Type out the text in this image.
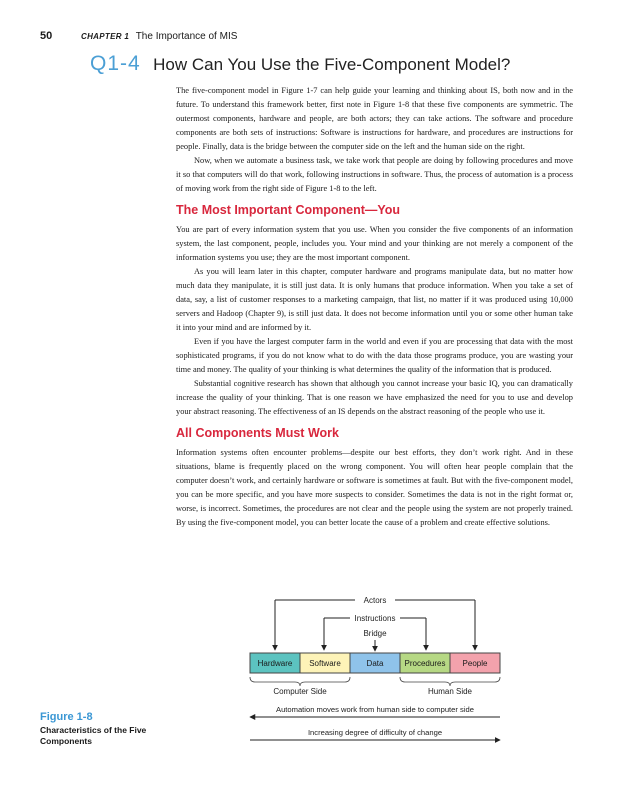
50	CHAPTER 1 The Importance of MIS
Q1-4 How Can You Use the Five-Component Model?

The five-component model in Figure 1-7 can help guide your learning and thinking about IS, both now and in the future. To understand this framework better, first note in Figure 1-8 that these five components are symmetric. The outermost components, hardware and people, are both actors; they can take actions. The software and procedure components are both sets of instructions: Software is instructions for hardware, and procedures are instructions for people. Finally, data is the bridge between the computer side on the left and the human side on the right.

Now, when we automate a business task, we take work that people are doing by following procedures and move it so that computers will do that work, following instructions in software. Thus, the process of automation is a process of moving work from the right side of Figure 1-8 to the left.

The Most Important Component—You

You are part of every information system that you use. When you consider the five components of an information system, the last component, people, includes you. Your mind and your thinking are not merely a component of the information systems you use; they are the most important component.

As you will learn later in this chapter, computer hardware and programs manipulate data, but no matter how much data they manipulate, it is still just data. It is only humans that produce information. When you take a set of data, say, a list of customer responses to a marketing campaign, that list, no matter if it was produced using 10,000 servers and Hadoop (Chapter 9), is still just data. It does not become information until you or some other human take it into your mind and are informed by it.

Even if you have the largest computer farm in the world and even if you are processing that data with the most sophisticated programs, if you do not know what to do with the data those programs produce, you are wasting your time and money. The quality of your thinking is what determines the quality of the information that is produced.

Substantial cognitive research has shown that although you cannot increase your basic IQ, you can dramatically increase the quality of your thinking. That is one reason we have emphasized the need for you to use and develop your abstract reasoning. The effectiveness of an IS depends on the abstract reasoning of the people who use it.

All Components Must Work

Information systems often encounter problems—despite our best efforts, they don’t work right. And in these situations, blame is frequently placed on the wrong component. You will often hear people complain that the computer doesn’t work, and certainly hardware or software is sometimes at fault. But with the five-component model, you can be more specific, and you have more suspects to consider. Sometimes the data is not in the right format or, worse, is incorrect. Sometimes, the procedures are not clear and the people using the system are not properly trained. By using the five-component model, you can better locate the cause of a problem and create effective solutions.

Actors
Instructions
Bridge
Hardware Software	Data	Procedures People
Computer Side	Human Side
Automation moves work from human side to computer side
Increasing degree of difficulty of change
Figure 1-8
Characteristics of the Five Components
